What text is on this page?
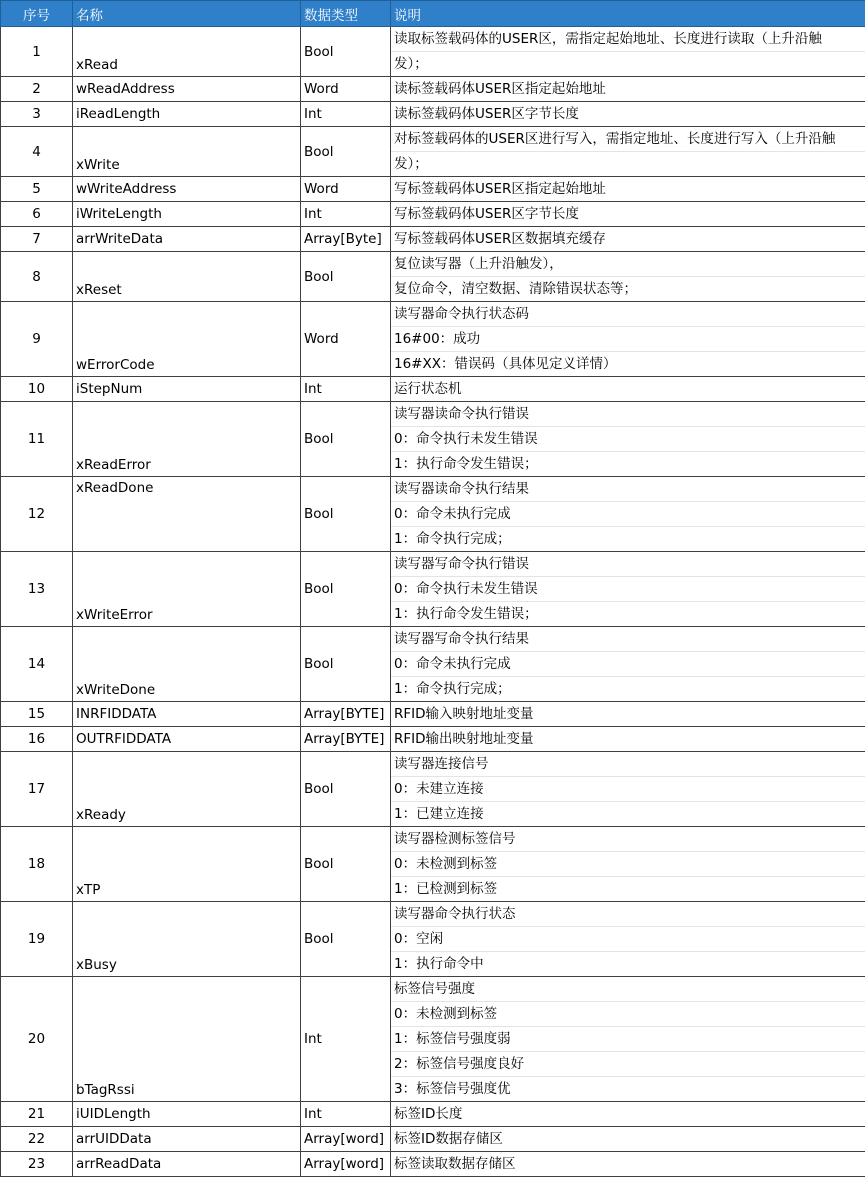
序号	名称	数据类型	说明
1	xRead	Bool	读取标签载码体的USER区，需指定起始地址、长度进行读取（上升沿触
发）；

2	wReadAddress	Word	读标签载码体USER区指定起始地址

3	iReadLength	Int	读标签载码体USER区字节长度

4	xWrite	Bool	对标签载码体的USER区进行写入，需指定地址、长度进行写入（上升沿触
发）；

5	wWriteAddress	Word	写标签载码体USER区指定起始地址

6	iWriteLength	Int	写标签载码体USER区字节长度

7	arrWriteData	Array[Byte]	写标签载码体USER区数据填充缓存

8	xReset	Bool	复位读写器（上升沿触发），
复位命令，清空数据、清除错误状态等；

9	wErrorCode	Word	读写器命令执行状态码
16#00：成功
16#XX：错误码（具体见定义详情）

10	iStepNum	Int	运行状态机

11	xReadError	Bool	读写器读命令执行错误
0：命令执行未发生错误
1：执行命令发生错误；

12	xReadDone	Bool	读写器读命令执行结果
0：命令未执行完成
1：命令执行完成；

13	xWriteError	Bool	读写器写命令执行错误
0：命令执行未发生错误
1：执行命令发生错误；

14	xWriteDone	Bool	读写器写命令执行结果
0：命令未执行完成
1：命令执行完成；

15	INRFIDDATA	Array[BYTE]	RFID输入映射地址变量

16	OUTRFIDDATA	Array[BYTE]	RFID输出映射地址变量

17	xReady	Bool	读写器连接信号
0：未建立连接
1：已建立连接

18	xTP	Bool	读写器检测标签信号
0：未检测到标签
1：已检测到标签

19	xBusy	Bool	读写器命令执行状态
0：空闲
1：执行命令中

20	bTagRssi	Int	标签信号强度
0：未检测到标签
1：标签信号强度弱
2：标签信号强度良好
3：标签信号强度优

21	iUIDLength	Int	标签ID长度

22	arrUIDData	Array[word]	标签ID数据存储区

23	arrReadData	Array[word]	标签读取数据存储区
